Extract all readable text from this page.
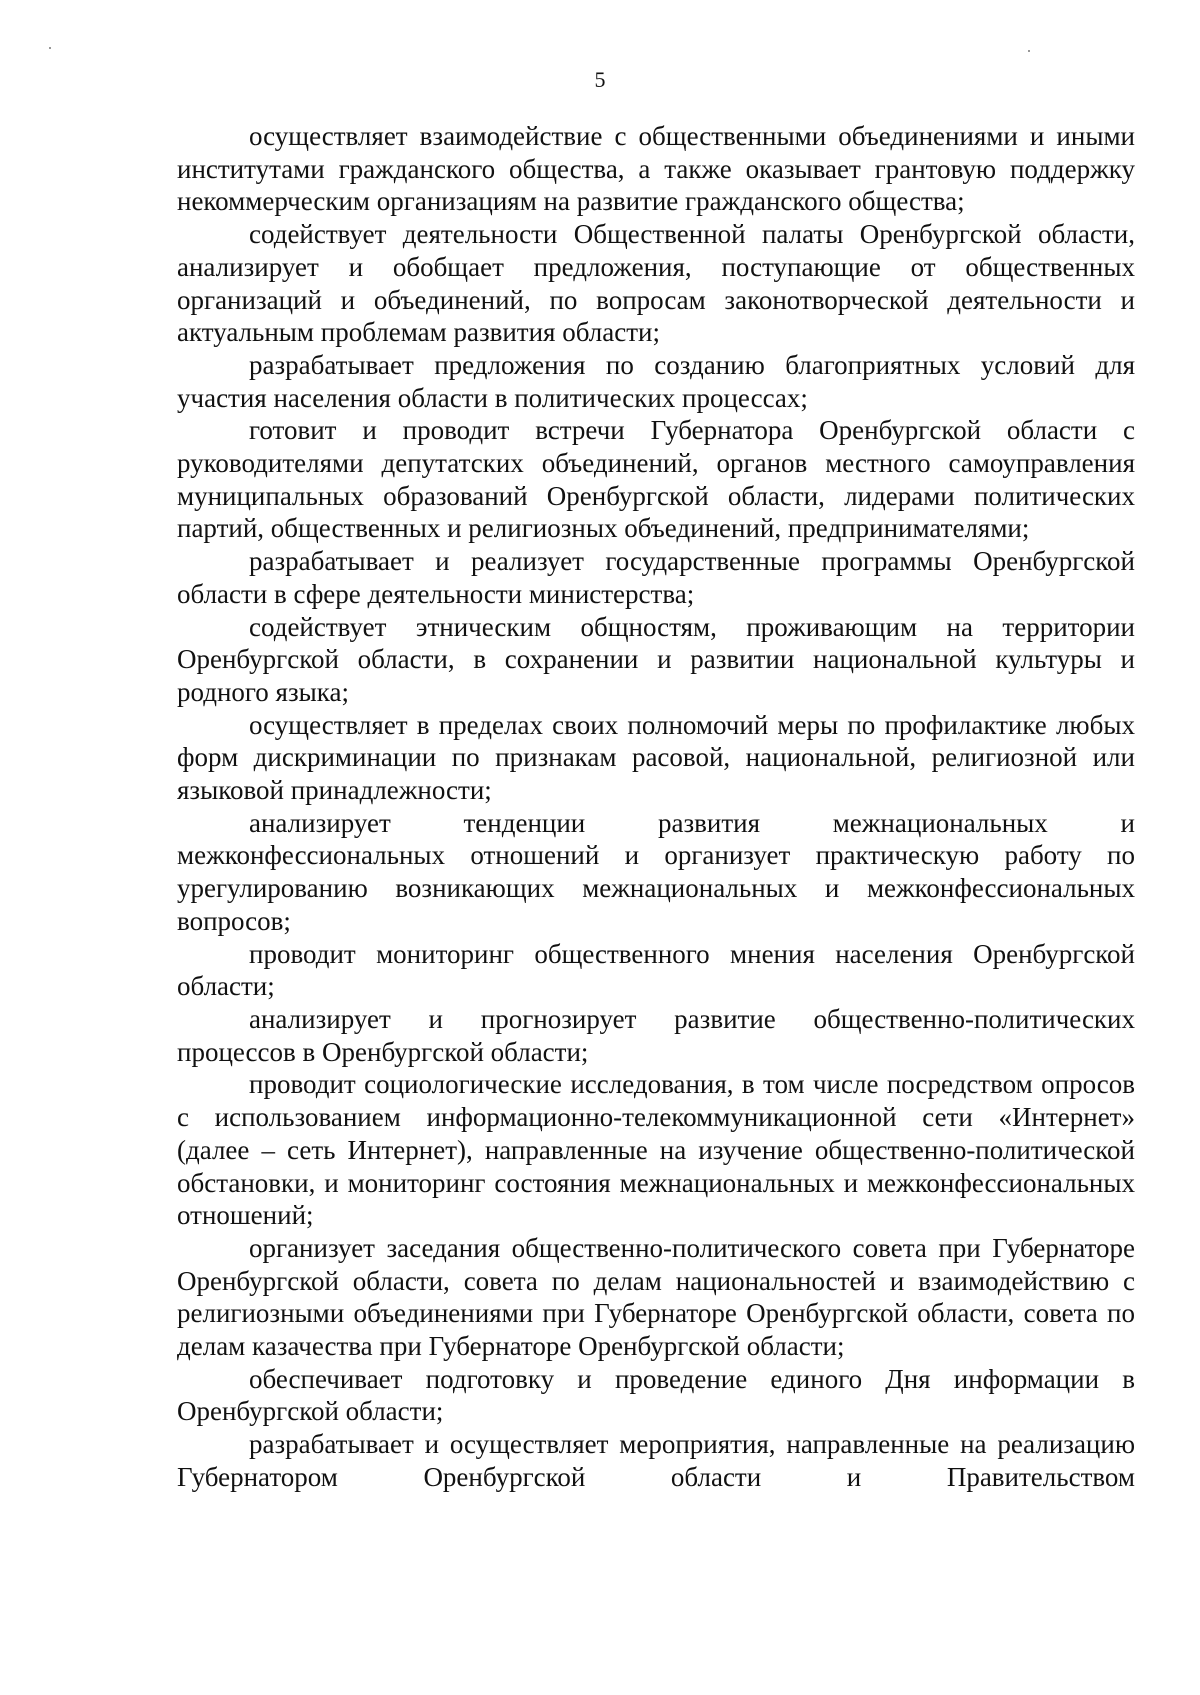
5

осуществляет взаимодействие с общественными объединениями и иными институтами гражданского общества, а также оказывает грантовую поддержку некоммерческим организациям на развитие гражданского общества;

содействует деятельности Общественной палаты Оренбургской области, анализирует и обобщает предложения, поступающие от общественных организаций и объединений, по вопросам законотворческой деятельности и актуальным проблемам развития области;

разрабатывает предложения по созданию благоприятных условий для участия населения области в политических процессах;

готовит и проводит встречи Губернатора Оренбургской области с руководителями депутатских объединений, органов местного самоуправления муниципальных образований Оренбургской области, лидерами политических партий, общественных и религиозных объединений, предпринимателями;

разрабатывает и реализует государственные программы Оренбургской области в сфере деятельности министерства;

содействует этническим общностям, проживающим на территории Оренбургской области, в сохранении и развитии национальной культуры и родного языка;

осуществляет в пределах своих полномочий меры по профилактике любых форм дискриминации по признакам расовой, национальной, религиозной или языковой принадлежности;

анализирует тенденции развития межнациональных и межконфессиональных отношений и организует практическую работу по урегулированию возникающих межнациональных и межконфессиональных вопросов;

проводит мониторинг общественного мнения населения Оренбургской области;

анализирует и прогнозирует развитие общественно-политических процессов в Оренбургской области;

проводит социологические исследования, в том числе посредством опросов с использованием информационно-телекоммуникационной сети «Интернет» (далее – сеть Интернет), направленные на изучение общественно-политической обстановки, и мониторинг состояния межнациональных и межконфессиональных отношений;

организует заседания общественно-политического совета при Губернаторе Оренбургской области, совета по делам национальностей и взаимодействию с религиозными объединениями при Губернаторе Оренбургской области, совета по делам казачества при Губернаторе Оренбургской области;

обеспечивает подготовку и проведение единого Дня информации в Оренбургской области;

разрабатывает и осуществляет мероприятия, направленные на реализацию Губернатором Оренбургской области и Правительством
